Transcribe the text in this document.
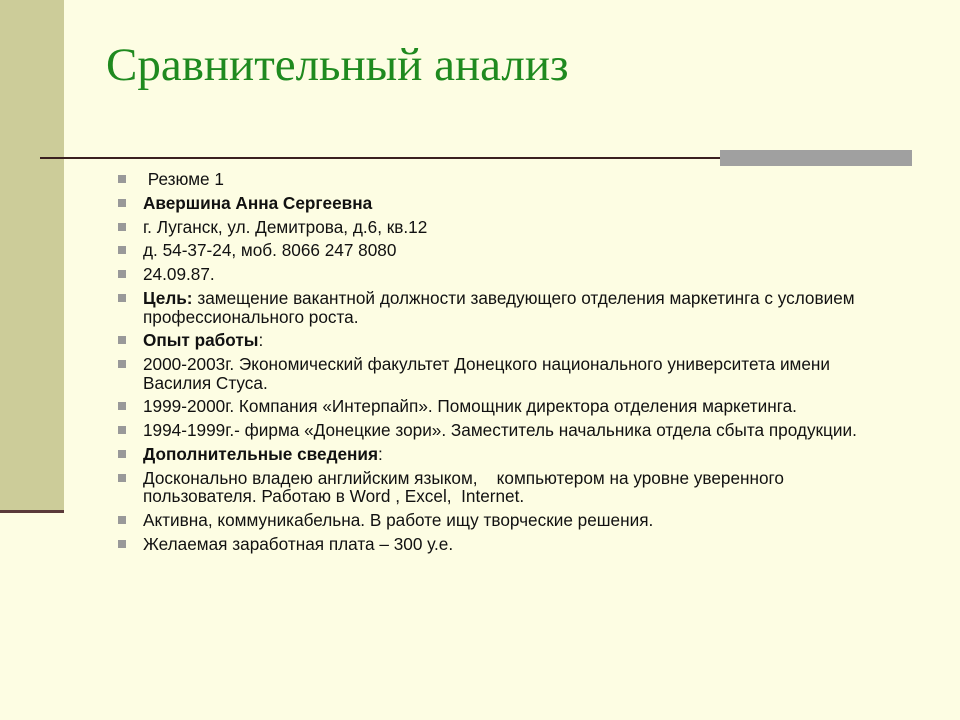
Сравнительный анализ
Резюме 1
Авершина Анна Сергеевна
г. Луганск, ул. Демитрова, д.6, кв.12
д. 54-37-24, моб. 8066 247 8080
24.09.87.
Цель: замещение вакантной должности заведующего отделения маркетинга с условием профессионального роста.
Опыт работы:
2000-2003г. Экономический факультет Донецкого национального университета имени Василия Стуса.
1999-2000г. Компания «Интерпайп». Помощник директора отделения маркетинга.
1994-1999г.- фирма «Донецкие зори». Заместитель начальника отдела сбыта продукции.
Дополнительные сведения:
Досконально владею английским языком,    компьютером на уровне уверенного пользователя. Работаю в Word , Excel,  Internet.
Активна, коммуникабельна. В работе ищу творческие решения.
Желаемая заработная плата – 300 у.е.
